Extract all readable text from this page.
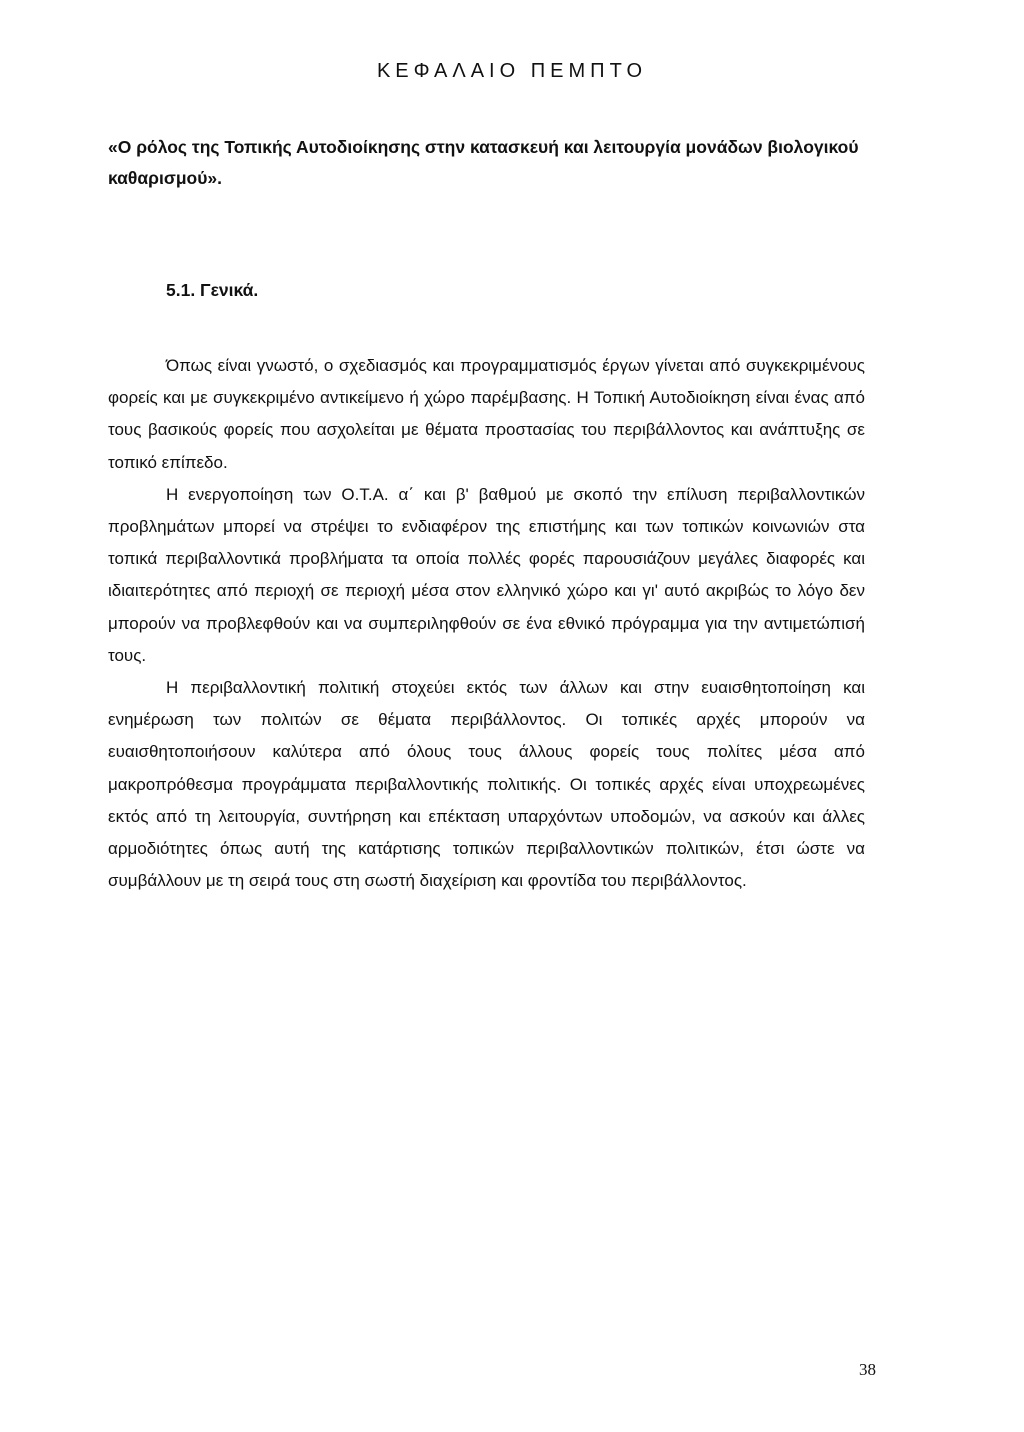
ΚΕΦΑΛΑΙΟ ΠΕΜΠΤΟ

«Ο ρόλος της Τοπικής Αυτοδιοίκησης στην κατασκευή και λειτουργία μονάδων βιολογικού καθαρισμού».

5.1. Γενικά.

Όπως είναι γνωστό, ο σχεδιασμός και προγραμματισμός έργων γίνεται από συγκεκριμένους φορείς και με συγκεκριμένο αντικείμενο ή χώρο παρέμβασης. Η Τοπική Αυτοδιοίκηση είναι ένας από τους βασικούς φορείς που ασχολείται με θέματα προστασίας του περιβάλλοντος και ανάπτυξης σε τοπικό επίπεδο.

Η ενεργοποίηση των Ο.Τ.Α. α΄ και β' βαθμού με σκοπό την επίλυση περιβαλλοντικών προβλημάτων μπορεί να στρέψει το ενδιαφέρον της επιστήμης και των τοπικών κοινωνιών στα τοπικά περιβαλλοντικά προβλήματα τα οποία πολλές φορές παρουσιάζουν μεγάλες διαφορές και ιδιαιτερότητες από περιοχή σε περιοχή μέσα στον ελληνικό χώρο και γι' αυτό ακριβώς το λόγο δεν μπορούν να προβλεφθούν και να συμπεριληφθούν σε ένα εθνικό πρόγραμμα για την αντιμετώπισή τους.

Η περιβαλλοντική πολιτική στοχεύει εκτός των άλλων και στην ευαισθητοποίηση και ενημέρωση των πολιτών σε θέματα περιβάλλοντος. Οι τοπικές αρχές μπορούν να ευαισθητοποιήσουν καλύτερα από όλους τους άλλους φορείς τους πολίτες μέσα από μακροπρόθεσμα προγράμματα περιβαλλοντικής πολιτικής. Οι τοπικές αρχές είναι υποχρεωμένες εκτός από τη λειτουργία, συντήρηση και επέκταση υπαρχόντων υποδομών, να ασκούν και άλλες αρμοδιότητες όπως αυτή της κατάρτισης τοπικών περιβαλλοντικών πολιτικών, έτσι ώστε να συμβάλλουν με τη σειρά τους στη σωστή διαχείριση και φροντίδα του περιβάλλοντος.

38
